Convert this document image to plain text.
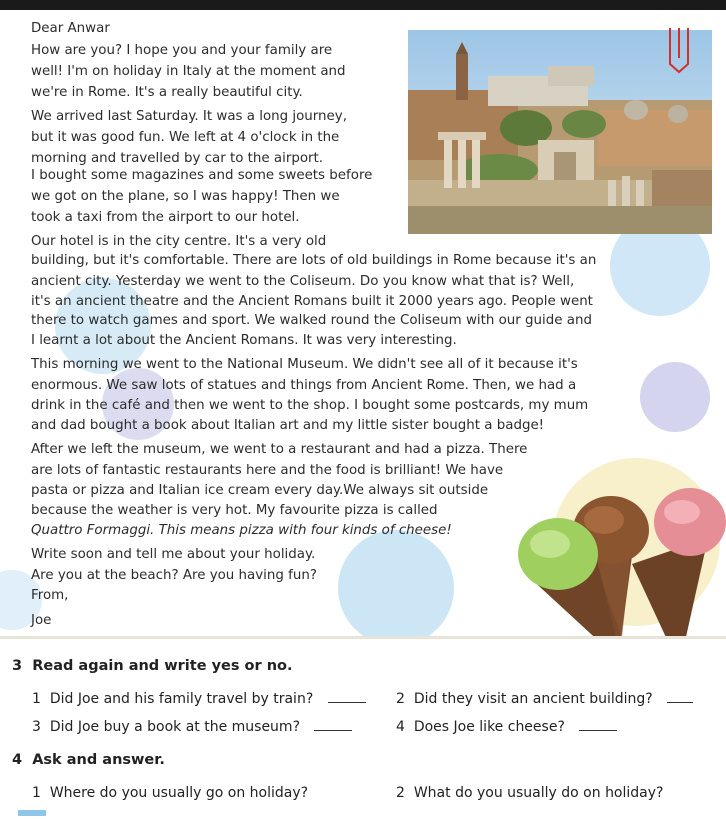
Dear Anwar
How are you? I hope you and your family are
well! I'm on holiday in Italy at the moment and
we're in Rome. It's a really beautiful city.
We arrived last Saturday. It was a long journey,
but it was good fun. We left at 4 o'clock in the
morning and travelled by car to the airport.
I bought some magazines and some sweets before
we got on the plane, so I was happy! Then we
took a taxi from the airport to our hotel.
Our hotel is in the city centre. It's a very old
building, but it's comfortable. There are lots of old buildings in Rome because it's an
ancient city. Yesterday we went to the Coliseum. Do you know what that is? Well,
it's an ancient theatre and the Ancient Romans built it 2000 years ago. People went
there to watch games and sport. We walked round the Coliseum with our guide and
I learnt a lot about the Ancient Romans. It was very interesting.
This morning we went to the National Museum. We didn't see all of it because it's
enormous. We saw lots of statues and things from Ancient Rome. Then, we had a
drink in the café and then we went to the shop. I bought some postcards, my mum
and dad bought a book about Italian art and my little sister bought a badge!
After we left the museum, we went to a restaurant and had a pizza. There
are lots of fantastic restaurants here and the food is brilliant! We have
pasta or pizza and Italian ice cream every day.We always sit outside
because the weather is very hot. My favourite pizza is called
Quattro Formaggi. This means pizza with four kinds of cheese!
Write soon and tell me about your holiday.
Are you at the beach? Are you having fun?
From,
Joe
3 Read again and write yes or no.
1 Did Joe and his family travel by train?	2 Did they visit an ancient building?
3 Did Joe buy a book at the museum?	4 Does Joe like cheese?
4 Ask and answer.
1 Where do you usually go on holiday?	2 What do you usually do on holiday?
